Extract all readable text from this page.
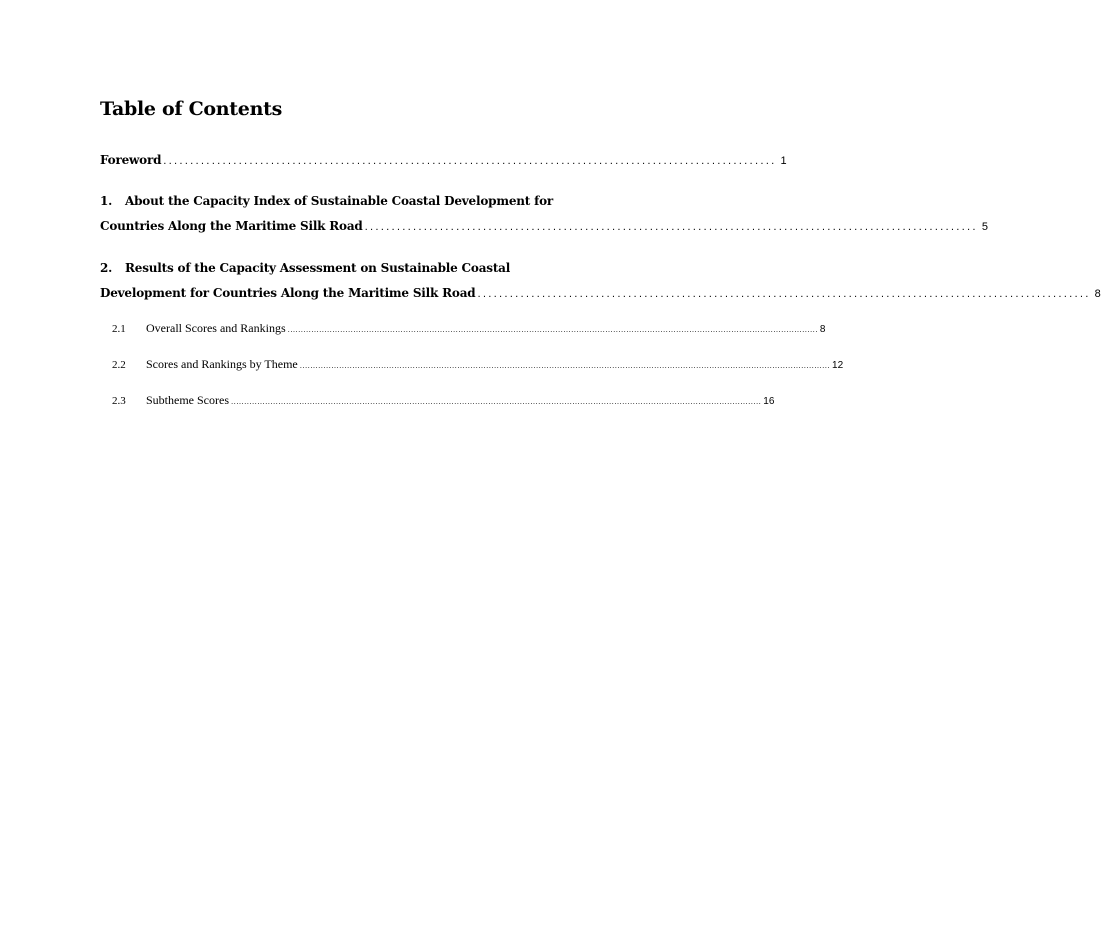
Table of Contents
Foreword .................................................................................................................. 1
1.	About the Capacity Index of Sustainable Coastal Development for
Countries Along the Maritime Silk Road .................................................................................................................. 5
2.	Results of the Capacity Assessment on Sustainable Coastal
Development for Countries Along the Maritime Silk Road .................................................................................................................. 8
2.1	Overall Scores and Rankings .......................................................................................................................................................................................................... 8
2.2	Scores and Rankings by Theme .......................................................................................................................................................................................................... 12
2.3	Subtheme Scores .......................................................................................................................................................................................................... 16
